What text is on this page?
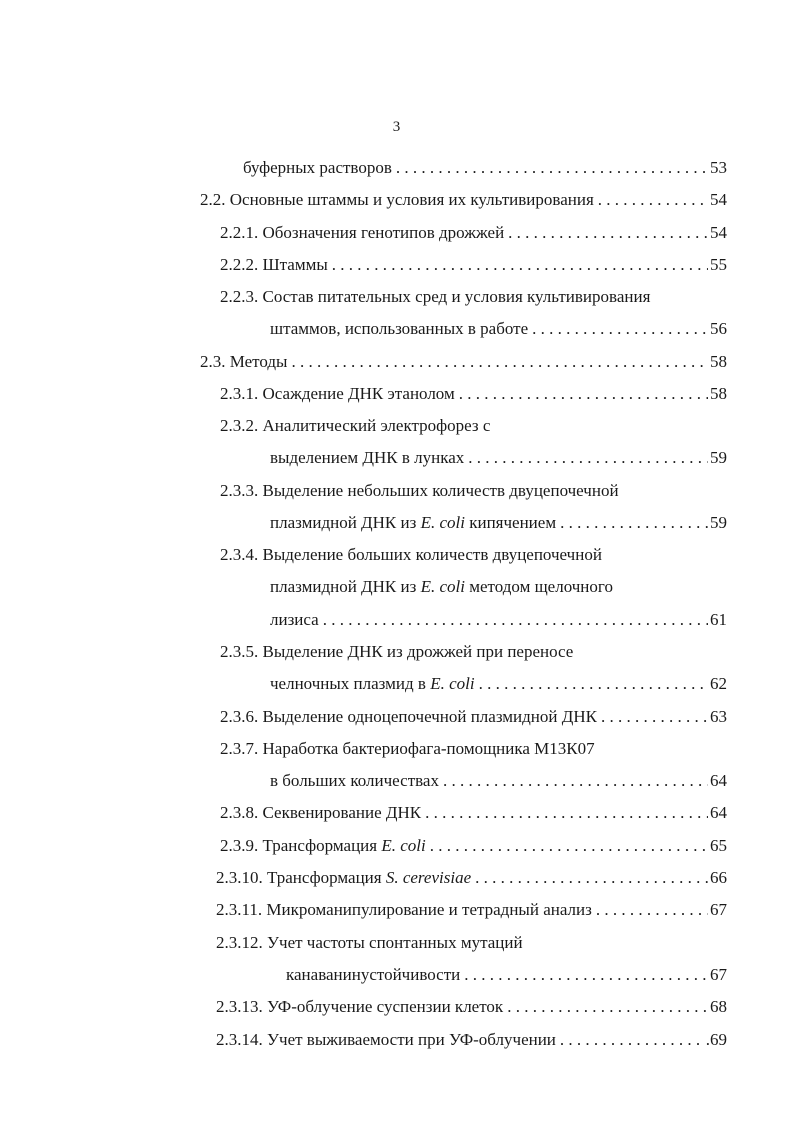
3
буферных растворов . . .	53
2.2. Основные штаммы и условия их культивирования . . .	54
2.2.1. Обозначения генотипов дрожжей . . .	54
2.2.2. Штаммы . . .	55
2.2.3. Состав питательных сред и условия культивирования
штаммов, использованных в работе . . .	56
2.3. Методы . . .	58
2.3.1. Осаждение ДНК этанолом . . .	58
2.3.2. Аналитический электрофорез с
выделением ДНК в лунках . . .	59
2.3.3. Выделение небольших количеств двуцепочечной
плазмидной ДНК из E. coli кипячением . . .	59
2.3.4. Выделение больших количеств двуцепочечной
плазмидной ДНК из E. coli методом щелочного
лизиса . . .	61
2.3.5. Выделение ДНК из дрожжей при переносе
челночных плазмид в E. coli . . .	62
2.3.6. Выделение одноцепочечной плазмидной ДНК . . .	63
2.3.7. Наработка бактериофага-помощника М13К07
в больших количествах . . .	64
2.3.8. Секвенирование ДНК . . .	64
2.3.9. Трансформация E. coli . . .	65
2.3.10. Трансформация S. cerevisiae . . .	66
2.3.11. Микроманипулирование и тетрадный анализ . . .	67
2.3.12. Учет частоты спонтанных мутаций
канаванинустойчивости . . .	67
2.3.13. УФ-облучение суспензии клеток . . .	68
2.3.14. Учет выживаемости при УФ-облучении . . .	.69
